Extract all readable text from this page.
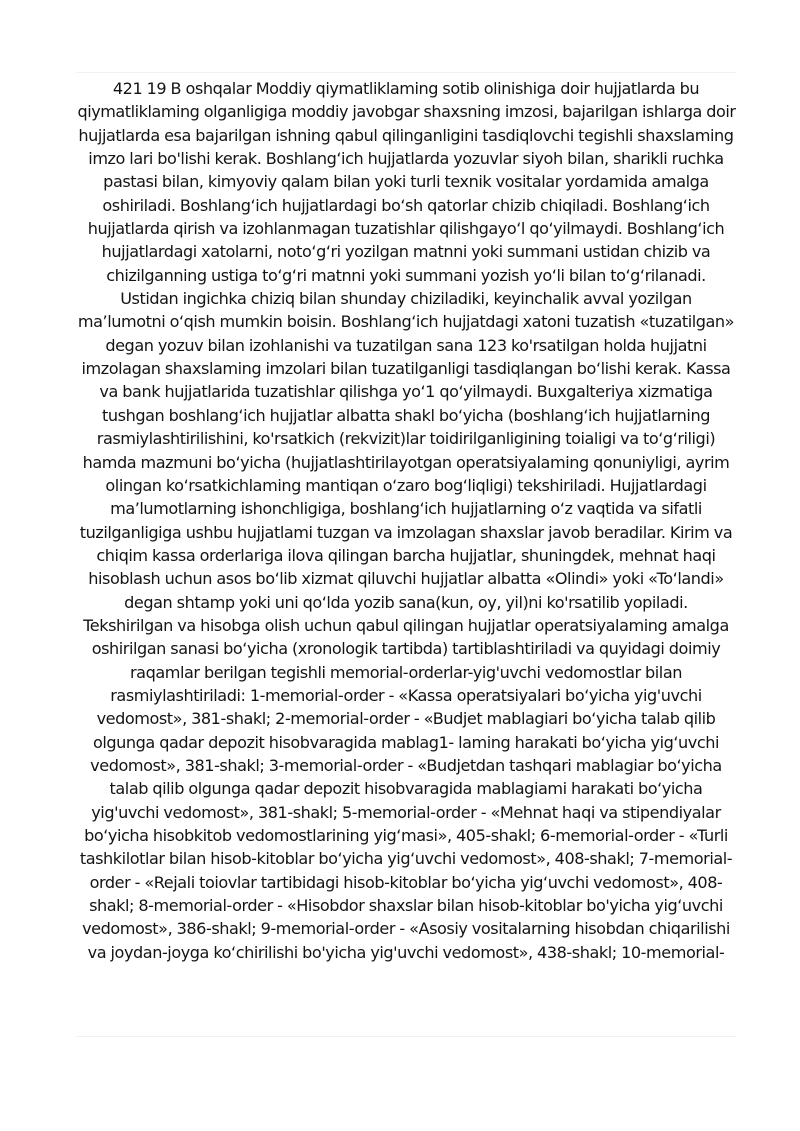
421 19 B oshqalar Moddiy qiymatliklaming sotib olinishiga doir hujjatlarda bu
qiymatliklaming olganligiga moddiy javobgar shaxsning imzosi, bajarilgan ishlarga doir
hujjatlarda esa bajarilgan ishning qabul qilinganligini tasdiqlovchi tegishli shaxslaming
imzo lari bo'lishi kerak. Boshlang‘ich hujjatlarda yozuvlar siyoh bilan, sharikli ruchka
pastasi bilan, kimyoviy qalam bilan yoki turli texnik vositalar yordamida amalga
oshiriladi. Boshlang‘ich hujjatlardagi bo‘sh qatorlar chizib chiqiladi. Boshlang‘ich
hujjatlarda qirish va izohlanmagan tuzatishlar qilishgayo‘l qo‘yilmaydi. Boshlang‘ich
hujjatlardagi xatolarni, noto‘g‘ri yozilgan matnni yoki summani ustidan chizib va
chizilganning ustiga to‘g‘ri matnni yoki summani yozish yo‘li bilan to‘g‘rilanadi.
Ustidan ingichka chiziq bilan shunday chiziladiki, keyinchalik avval yozilgan
ma’lumotni o‘qish mumkin boisin. Boshlang‘ich hujjatdagi xatoni tuzatish «tuzatilgan»
degan yozuv bilan izohlanishi va tuzatilgan sana 123 ko'rsatilgan holda hujjatni
imzolagan shaxslaming imzolari bilan tuzatilganligi tasdiqlangan bo‘lishi kerak. Kassa
va bank hujjatlarida tuzatishlar qilishga yo‘1 qo‘yilmaydi. Buxgalteriya xizmatiga
tushgan boshlang‘ich hujjatlar albatta shakl bo‘yicha (boshlang‘ich hujjatlarning
rasmiylashtirilishini, ko'rsatkich (rekvizit)lar toidirilganligining toialigi va to‘g‘riligi)
hamda mazmuni bo‘yicha (hujjatlashtirilayotgan operatsiyalaming qonuniyligi, ayrim
olingan ko‘rsatkichlaming mantiqan o‘zaro bog‘liqligi) tekshiriladi. Hujjatlardagi
ma’lumotlarning ishonchligiga, boshlang‘ich hujjatlarning o‘z vaqtida va sifatli
tuzilganligiga ushbu hujjatlami tuzgan va imzolagan shaxslar javob beradilar. Kirim va
chiqim kassa orderlariga ilova qilingan barcha hujjatlar, shuningdek, mehnat haqi
hisoblash uchun asos bo‘lib xizmat qiluvchi hujjatlar albatta «Olindi» yoki «To‘landi»
degan shtamp yoki uni qo‘lda yozib sana(kun, oy, yil)ni ko'rsatilib yopiladi.
Tekshirilgan va hisobga olish uchun qabul qilingan hujjatlar operatsiyalaming amalga
oshirilgan sanasi bo‘yicha (xronologik tartibda) tartiblashtiriladi va quyidagi doimiy
raqamlar berilgan tegishli memorial-orderlar-yig'uvchi vedomostlar bilan
rasmiylashtiriladi: 1-memorial-order - «Kassa operatsiyalari bo‘yicha yig'uvchi
vedomost», 381-shakl; 2-memorial-order - «Budjet mablagiari bo‘yicha talab qilib
olgunga qadar depozit hisobvaragida mablag1- laming harakati bo‘yicha yig‘uvchi
vedomost», 381-shakl; 3-memorial-order - «Budjetdan tashqari mablagiar bo‘yicha
talab qilib olgunga qadar depozit hisobvaragida mablagiami harakati bo‘yicha
yig'uvchi vedomost», 381-shakl; 5-memorial-order - «Mehnat haqi va stipendiyalar
bo‘yicha hisobkitob vedomostlarining yig‘masi», 405-shakl; 6-memorial-order - «Turli
tashkilotlar bilan hisob-kitoblar bo‘yicha yig‘uvchi vedomost», 408-shakl; 7-memorial-
order - «Rejali toiovlar tartibidagi hisob-kitoblar bo‘yicha yig‘uvchi vedomost», 408-
shakl; 8-memorial-order - «Hisobdor shaxslar bilan hisob-kitoblar bo'yicha yig‘uvchi
vedomost», 386-shakl; 9-memorial-order - «Asosiy vositalarning hisobdan chiqarilishi
va joydan-joyga ko‘chirilishi bo'yicha yig'uvchi vedomost», 438-shakl; 10-memorial-
